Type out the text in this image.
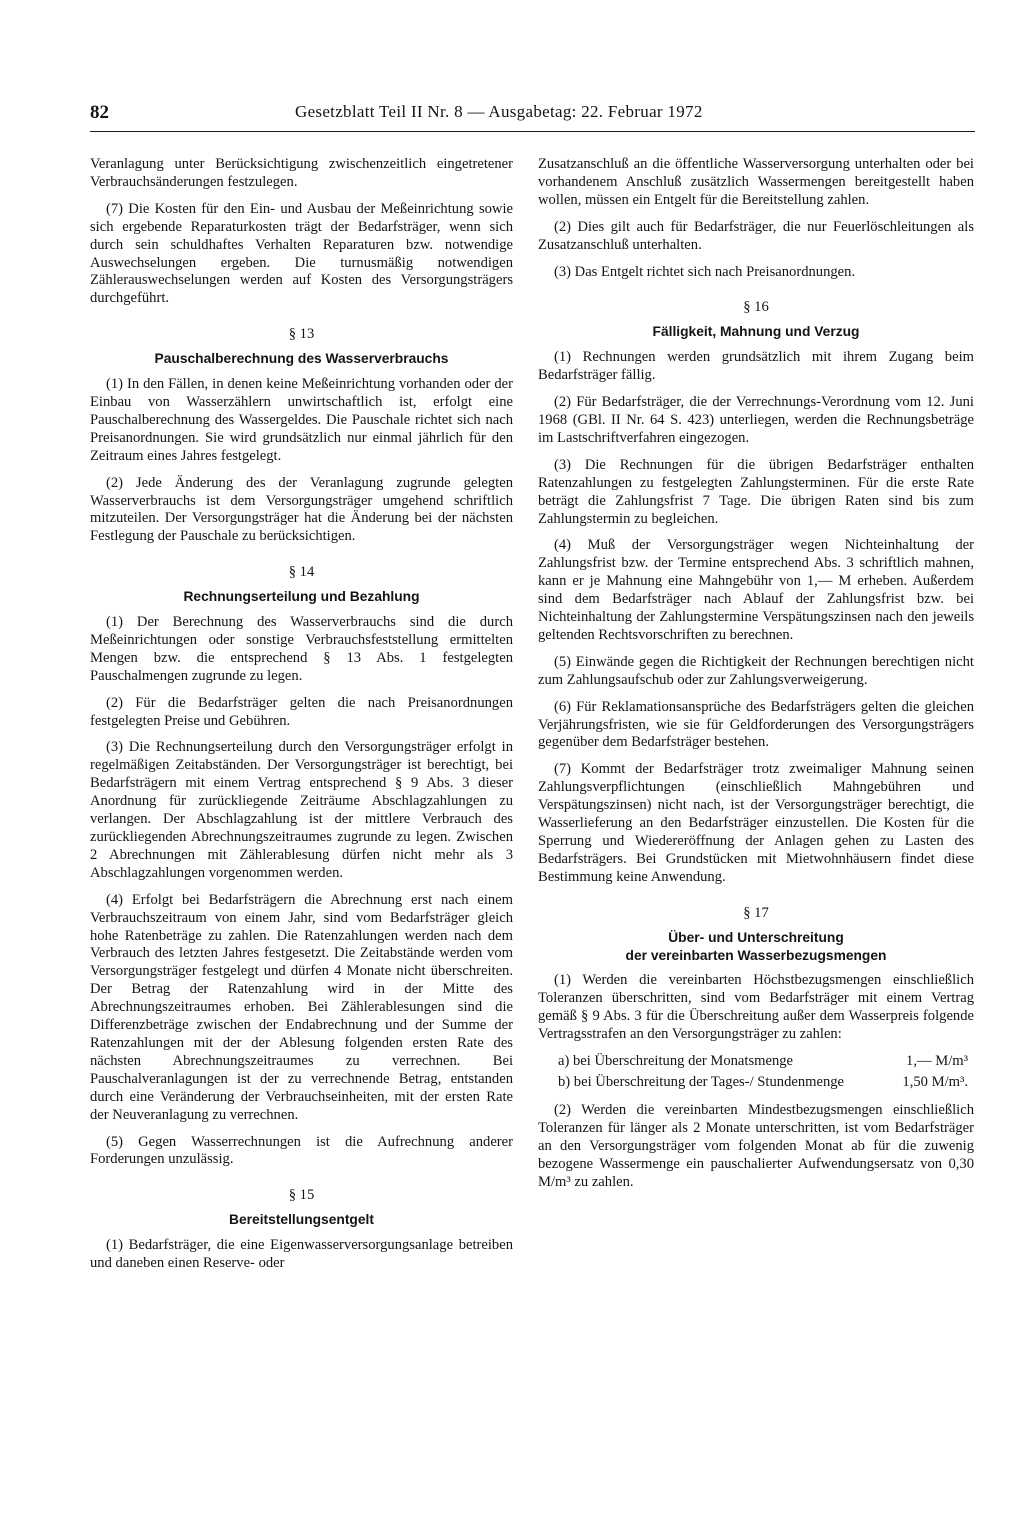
82	Gesetzblatt Teil II Nr. 8 — Ausgabetag: 22. Februar 1972

Veranlagung unter Berücksichtigung zwischenzeitlich eingetretener Verbrauchsänderungen festzulegen.

(7) Die Kosten für den Ein- und Ausbau der Meßeinrichtung sowie sich ergebende Reparaturkosten trägt der Bedarfsträger, wenn sich durch sein schuldhaftes Verhalten Reparaturen bzw. notwendige Auswechselungen ergeben. Die turnusmäßig notwendigen Zählerauswechselungen werden auf Kosten des Versorgungsträgers durchgeführt.

§ 13
Pauschalberechnung des Wasserverbrauchs

(1) In den Fällen, in denen keine Meßeinrichtung vorhanden oder der Einbau von Wasserzählern unwirtschaftlich ist, erfolgt eine Pauschalberechnung des Wassergeldes. Die Pauschale richtet sich nach Preisanordnungen. Sie wird grundsätzlich nur einmal jährlich für den Zeitraum eines Jahres festgelegt.

(2) Jede Änderung des der Veranlagung zugrunde gelegten Wasserverbrauchs ist dem Versorgungsträger umgehend schriftlich mitzuteilen. Der Versorgungsträger hat die Änderung bei der nächsten Festlegung der Pauschale zu berücksichtigen.

§ 14
Rechnungserteilung und Bezahlung

(1) Der Berechnung des Wasserverbrauchs sind die durch Meßeinrichtungen oder sonstige Verbrauchsfeststellung ermittelten Mengen bzw. die entsprechend § 13 Abs. 1 festgelegten Pauschalmengen zugrunde zu legen.

(2) Für die Bedarfsträger gelten die nach Preisanordnungen festgelegten Preise und Gebühren.

(3) Die Rechnungserteilung durch den Versorgungsträger erfolgt in regelmäßigen Zeitabständen. Der Versorgungsträger ist berechtigt, bei Bedarfsträgern mit einem Vertrag entsprechend § 9 Abs. 3 dieser Anordnung für zurückliegende Zeiträume Abschlagzahlungen zu verlangen. Der Abschlagzahlung ist der mittlere Verbrauch des zurückliegenden Abrechnungszeitraumes zugrunde zu legen. Zwischen 2 Abrechnungen mit Zählerablesung dürfen nicht mehr als 3 Abschlagzahlungen vorgenommen werden.

(4) Erfolgt bei Bedarfsträgern die Abrechnung erst nach einem Verbrauchszeitraum von einem Jahr, sind vom Bedarfsträger gleich hohe Ratenbeträge zu zahlen. Die Ratenzahlungen werden nach dem Verbrauch des letzten Jahres festgesetzt. Die Zeitabstände werden vom Versorgungsträger festgelegt und dürfen 4 Monate nicht überschreiten. Der Betrag der Ratenzahlung wird in der Mitte des Abrechnungszeitraumes erhoben. Bei Zählerablesungen sind die Differenzbeträge zwischen der Endabrechnung und der Summe der Ratenzahlungen mit der der Ablesung folgenden ersten Rate des nächsten Abrechnungszeitraumes zu verrechnen. Bei Pauschalveranlagungen ist der zu verrechnende Betrag, entstanden durch eine Veränderung der Verbrauchseinheiten, mit der ersten Rate der Neuveranlagung zu verrechnen.

(5) Gegen Wasserrechnungen ist die Aufrechnung anderer Forderungen unzulässig.

§ 15
Bereitstellungsentgelt

(1) Bedarfsträger, die eine Eigenwasserversorgungsanlage betreiben und daneben einen Reserve- oder

Zusatzanschluß an die öffentliche Wasserversorgung unterhalten oder bei vorhandenem Anschluß zusätzlich Wassermengen bereitgestellt haben wollen, müssen ein Entgelt für die Bereitstellung zahlen.

(2) Dies gilt auch für Bedarfsträger, die nur Feuerlöschleitungen als Zusatzanschluß unterhalten.

(3) Das Entgelt richtet sich nach Preisanordnungen.

§ 16
Fälligkeit, Mahnung und Verzug

(1) Rechnungen werden grundsätzlich mit ihrem Zugang beim Bedarfsträger fällig.

(2) Für Bedarfsträger, die der Verrechnungs-Verordnung vom 12. Juni 1968 (GBl. II Nr. 64 S. 423) unterliegen, werden die Rechnungsbeträge im Lastschriftverfahren eingezogen.

(3) Die Rechnungen für die übrigen Bedarfsträger enthalten Ratenzahlungen zu festgelegten Zahlungsterminen. Für die erste Rate beträgt die Zahlungsfrist 7 Tage. Die übrigen Raten sind bis zum Zahlungstermin zu begleichen.

(4) Muß der Versorgungsträger wegen Nichteinhaltung der Zahlungsfrist bzw. der Termine entsprechend Abs. 3 schriftlich mahnen, kann er je Mahnung eine Mahngebühr von 1,— M erheben. Außerdem sind dem Bedarfsträger nach Ablauf der Zahlungsfrist bzw. bei Nichteinhaltung der Zahlungstermine Verspätungszinsen nach den jeweils geltenden Rechtsvorschriften zu berechnen.

(5) Einwände gegen die Richtigkeit der Rechnungen berechtigen nicht zum Zahlungsaufschub oder zur Zahlungsverweigerung.

(6) Für Reklamationsansprüche des Bedarfsträgers gelten die gleichen Verjährungsfristen, wie sie für Geldforderungen des Versorgungsträgers gegenüber dem Bedarfsträger bestehen.

(7) Kommt der Bedarfsträger trotz zweimaliger Mahnung seinen Zahlungsverpflichtungen (einschließlich Mahngebühren und Verspätungszinsen) nicht nach, ist der Versorgungsträger berechtigt, die Wasserlieferung an den Bedarfsträger einzustellen. Die Kosten für die Sperrung und Wiedereröffnung der Anlagen gehen zu Lasten des Bedarfsträgers. Bei Grundstücken mit Mietwohnhäusern findet diese Bestimmung keine Anwendung.

§ 17
Über- und Unterschreitung
der vereinbarten Wasserbezugsmengen

(1) Werden die vereinbarten Höchstbezugsmengen einschließlich Toleranzen überschritten, sind vom Bedarfsträger mit einem Vertrag gemäß § 9 Abs. 3 für die Überschreitung außer dem Wasserpreis folgende Vertragsstrafen an den Versorgungsträger zu zahlen:

a) bei Überschreitung der Monatsmenge	1,— M/m³
b) bei Überschreitung der Tages-/ Stundenmenge	1,50 M/m³.

(2) Werden die vereinbarten Mindestbezugsmengen einschließlich Toleranzen für länger als 2 Monate unterschritten, ist vom Bedarfsträger an den Versorgungsträger vom folgenden Monat ab für die zuwenig bezogene Wassermenge ein pauschalierter Aufwendungsersatz von 0,30 M/m³ zu zahlen.
